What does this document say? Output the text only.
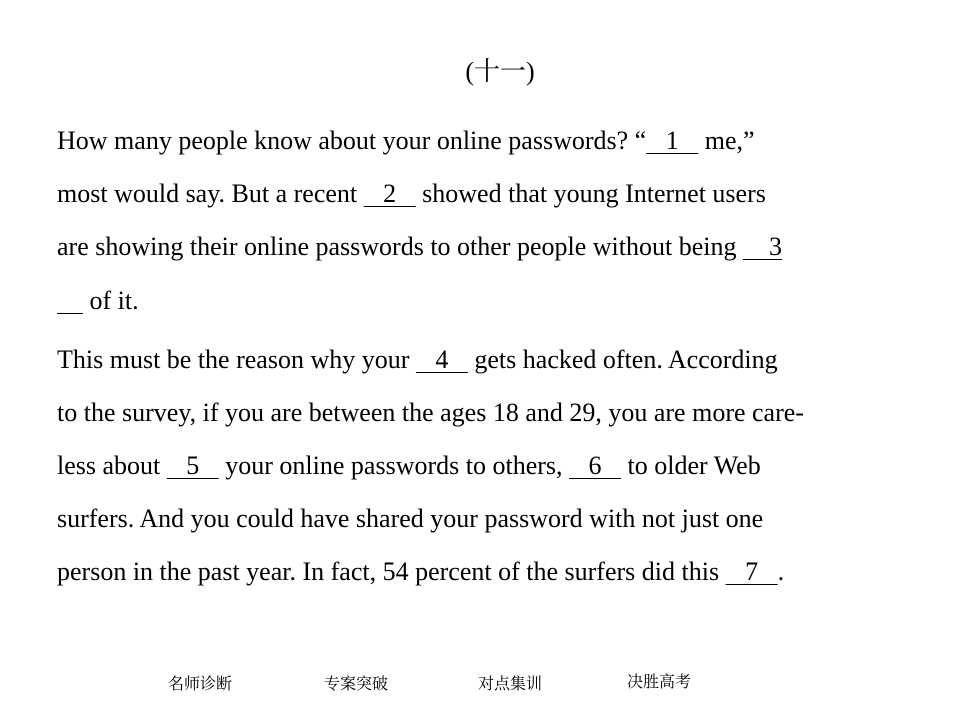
(十一)
How many people know about your online passwords? “   1    me,”
most would say. But a recent    2    showed that young Internet users
are showing their online passwords to other people without being     3
of it.
This must be the reason why your    4    gets hacked often. According
to the survey, if you are between the ages 18 and 29, you are more care-
less about    5    your online passwords to others,    6    to older Web
surfers. And you could have shared your password with not just one
person in the past year. In fact, 54 percent of the surfers did this    7   .
名师诊断	专案突破	对点集训	决胜高考
